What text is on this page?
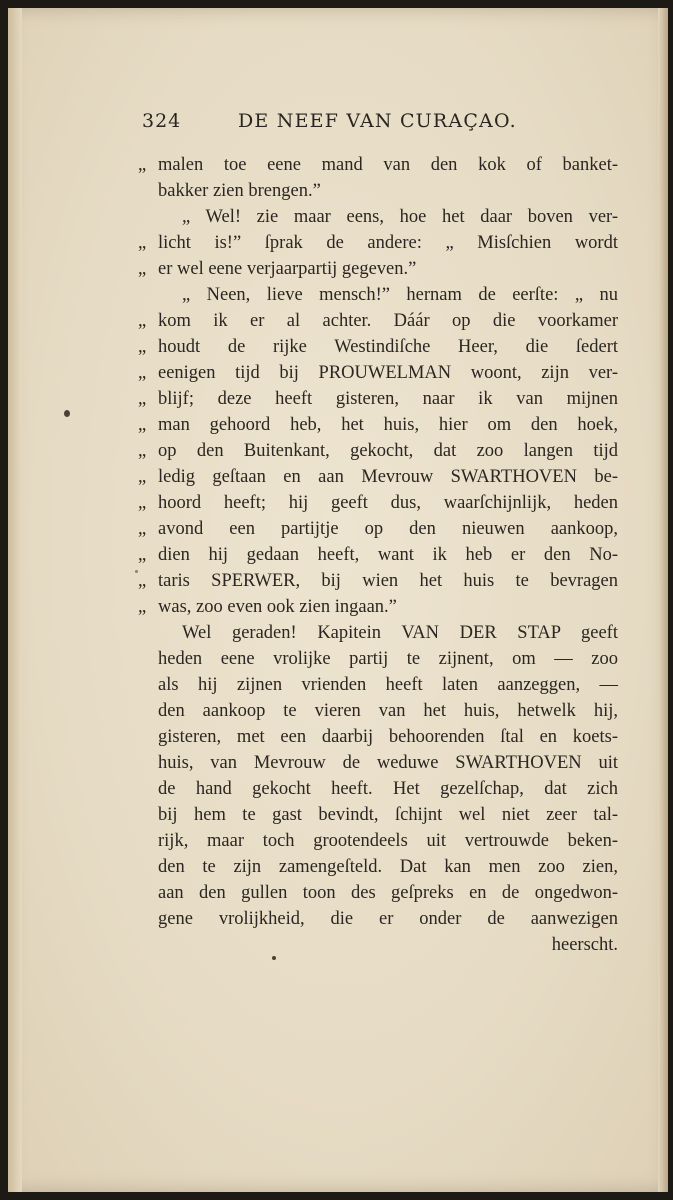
324	DE NEEF VAN CURAÇAO.
„ malen toe eene mand van den kok of banket-
bakker zien brengen.”
„ Wel! zie maar eens, hoe het daar boven ver-
„ licht is!” ſprak de andere: „ Misſchien wordt
„ er wel eene verjaarpartij gegeven.”
„ Neen, lieve mensch!” hernam de eerſte: „ nu
„ kom ik er al achter. Dáár op die voorkamer
„ houdt de rijke Westindiſche Heer, die ſedert
„ eenigen tijd bij PROUWELMAN woont, zijn ver-
„ blijf; deze heeft gisteren, naar ik van mijnen
„ man gehoord heb, het huis, hier om den hoek,
„ op den Buitenkant, gekocht, dat zoo langen tijd
„ ledig geſtaan en aan Mevrouw SWARTHOVEN be-
„ hoord heeft; hij geeft dus, waarſchijnlijk, heden
„ avond een partijtje op den nieuwen aankoop,
„ dien hij gedaan heeft, want ik heb er den No-
„ taris SPERWER, bij wien het huis te bevragen
„ was, zoo even ook zien ingaan.”
Wel geraden! Kapitein VAN DER STAP geeft
heden eene vrolijke partij te zijnent, om — zoo
als hij zijnen vrienden heeft laten aanzeggen, —
den aankoop te vieren van het huis, hetwelk hij,
gisteren, met een daarbij behoorenden ſtal en koets-
huis, van Mevrouw de weduwe SWARTHOVEN uit
de hand gekocht heeft. Het gezelſchap, dat zich
bij hem te gast bevindt, ſchijnt wel niet zeer tal-
rijk, maar toch grootendeels uit vertrouwde beken-
den te zijn zamengeſteld. Dat kan men zoo zien,
aan den gullen toon des geſpreks en de ongedwon-
gene vrolijkheid, die er onder de aanwezigen
heerscht.
